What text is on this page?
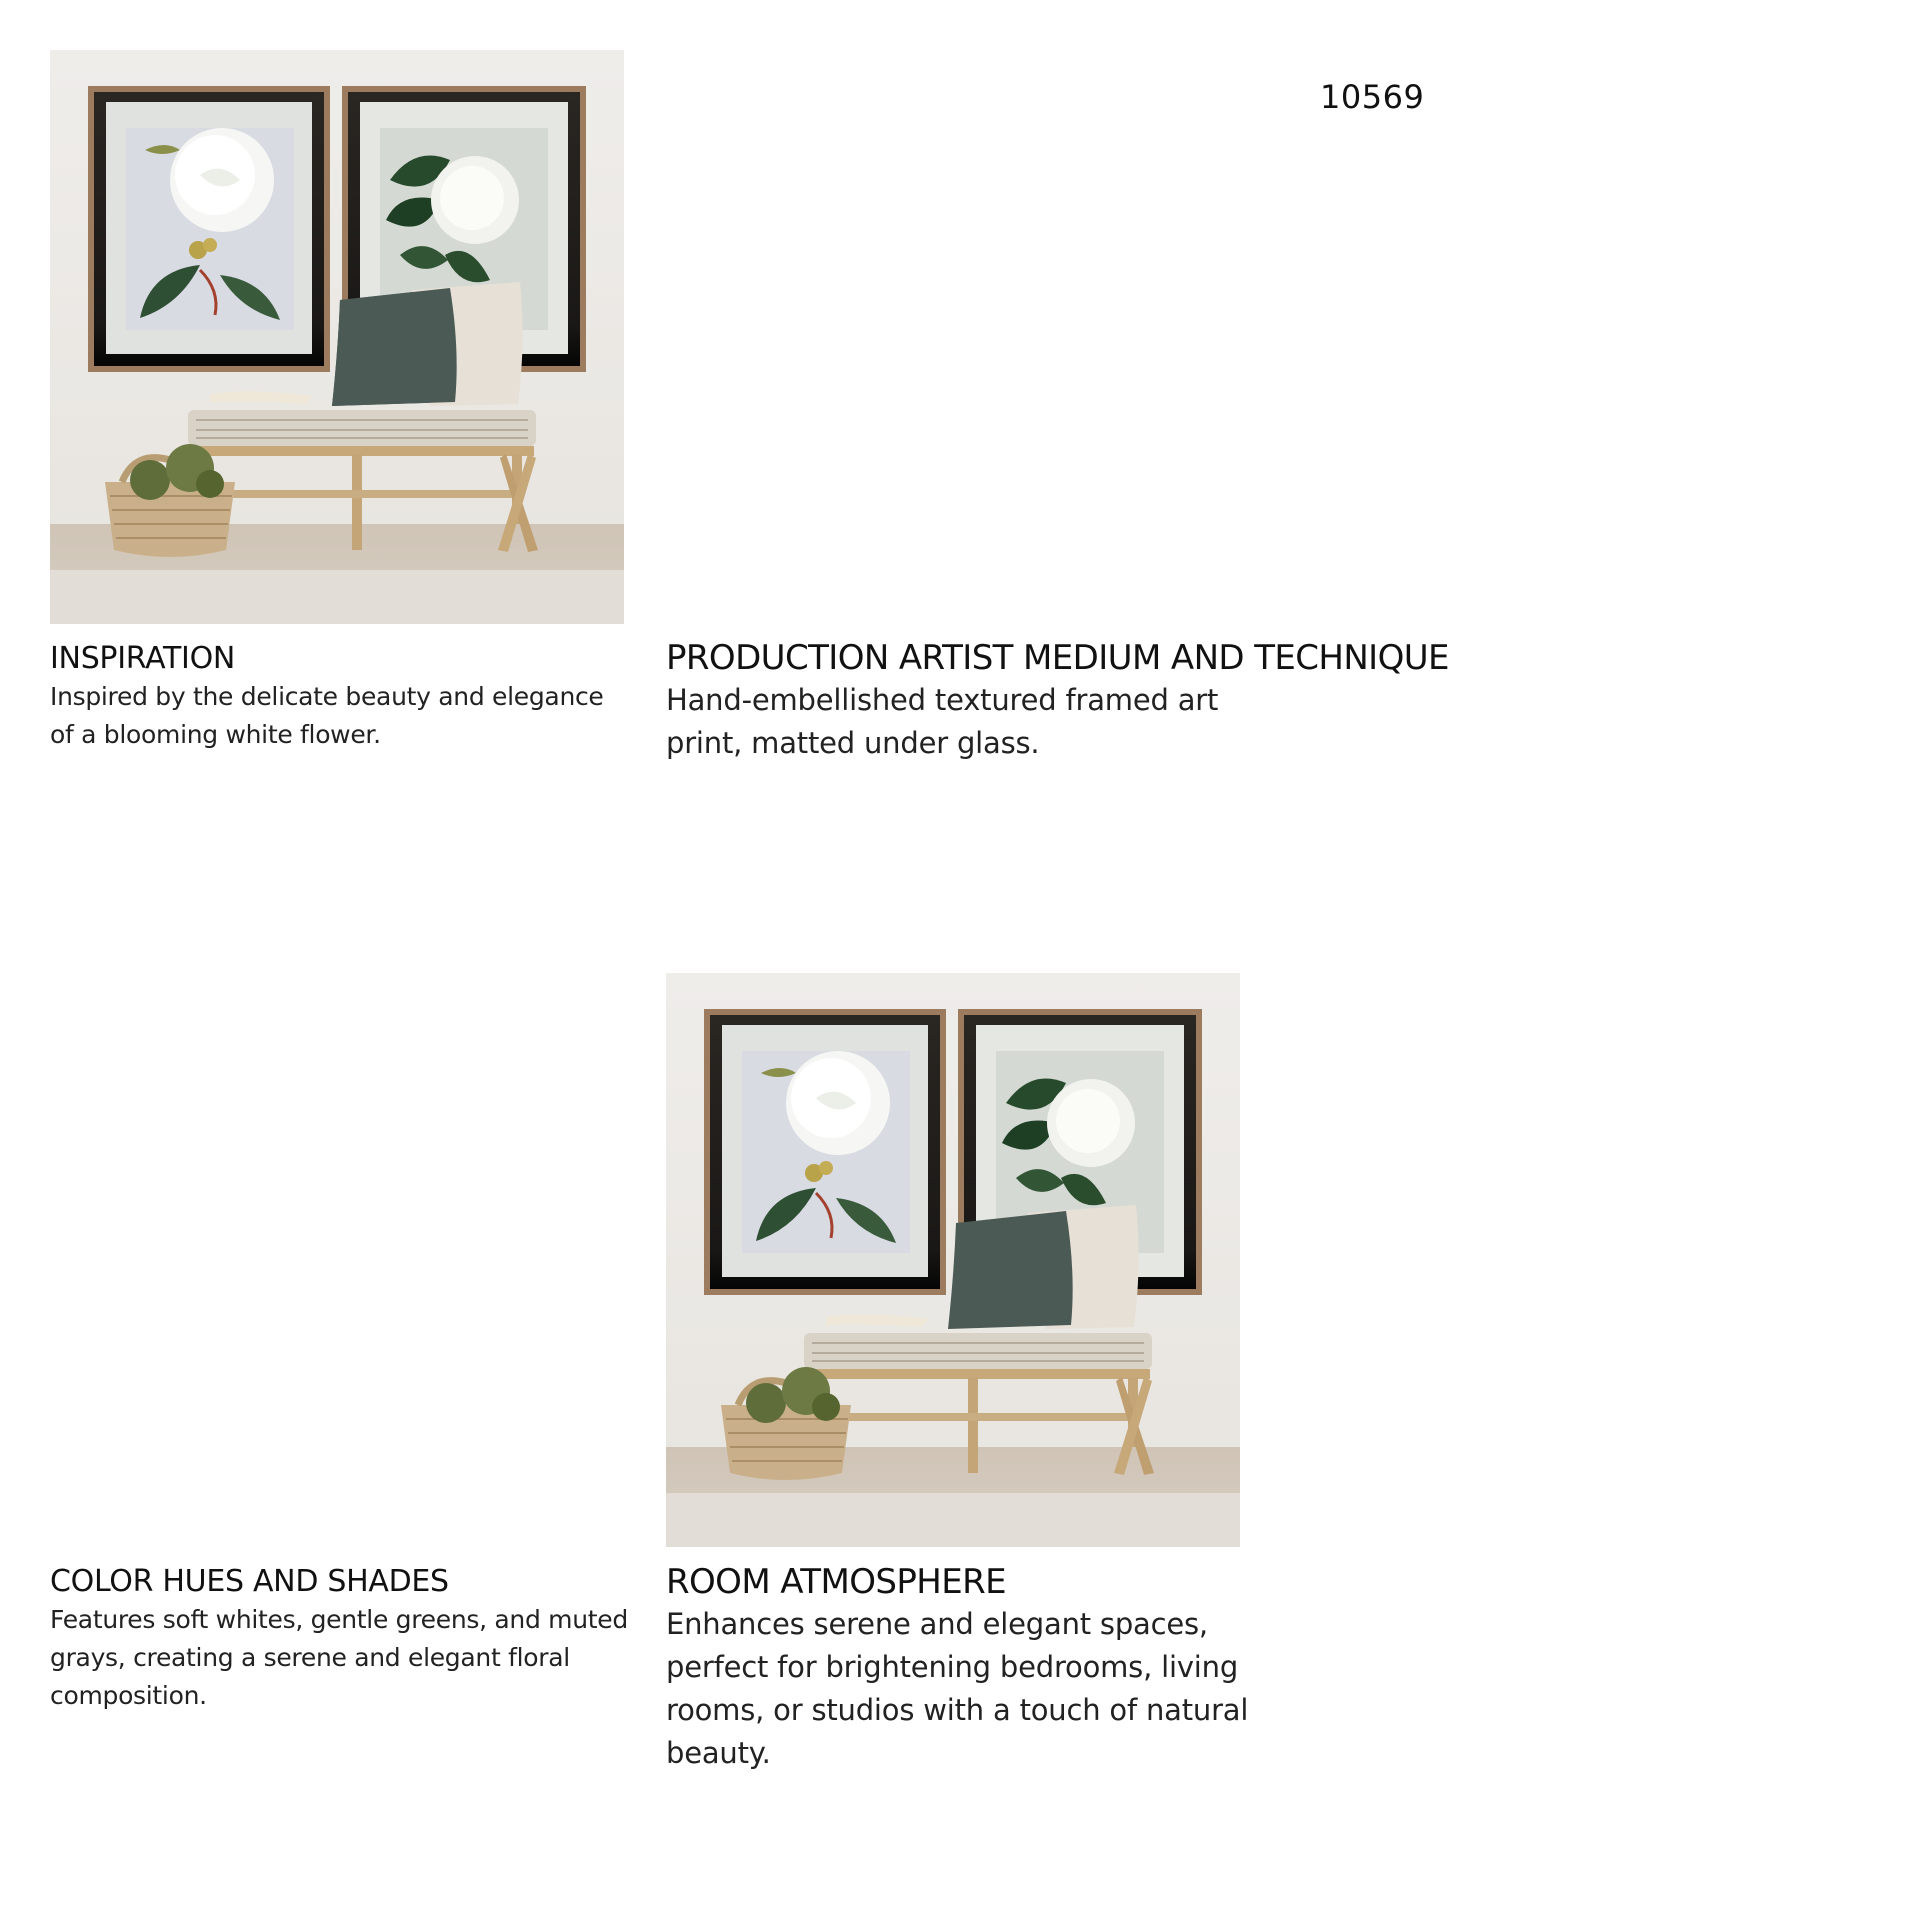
10569
INSPIRATION

Inspired by the delicate beauty and elegance of a blooming white flower.

PRODUCTION ARTIST MEDIUM AND TECHNIQUE

Hand-embellished textured framed art print, matted under glass.

COLOR HUES AND SHADES

Features soft whites, gentle greens, and muted grays, creating a serene and elegant floral composition.

ROOM ATMOSPHERE

Enhances serene and elegant spaces, perfect for brightening bedrooms, living rooms, or studios with a touch of natural beauty.
